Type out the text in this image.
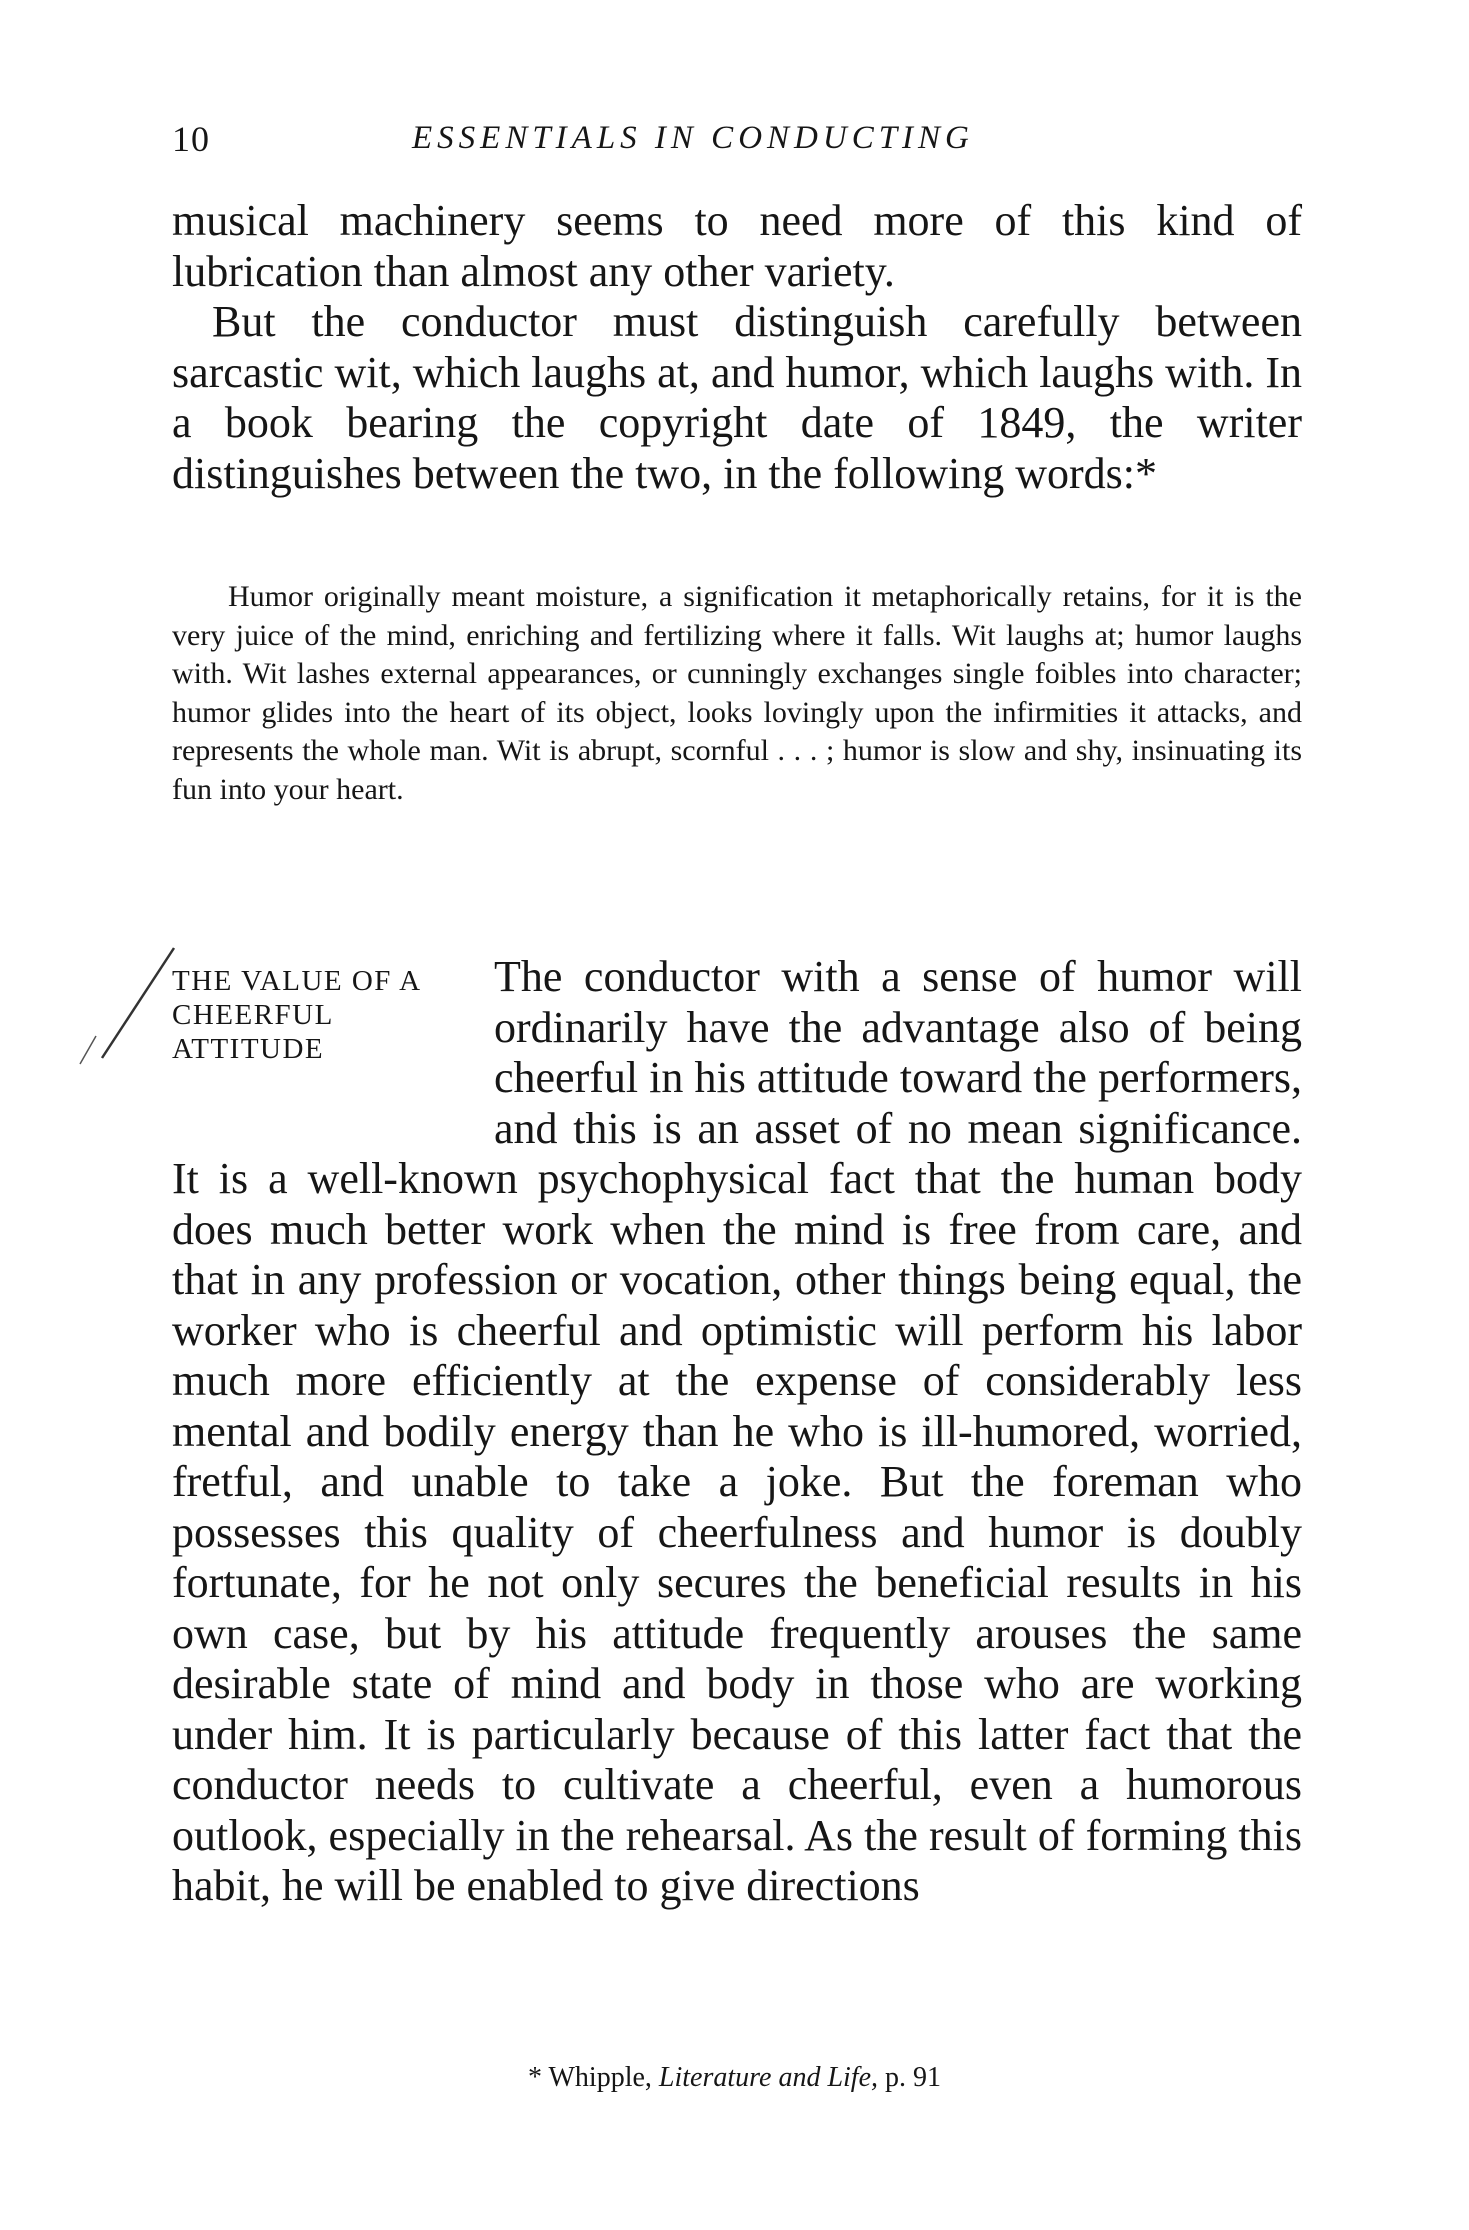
10	ESSENTIALS IN CONDUCTING

musical machinery seems to need more of this kind of lubrication than almost any other variety.

But the conductor must distinguish carefully between sarcastic wit, which laughs at, and humor, which laughs with. In a book bearing the copyright date of 1849, the writer distinguishes between the two, in the following words:*

Humor originally meant moisture, a signification it metaphorically retains, for it is the very juice of the mind, enriching and fertilizing where it falls. Wit laughs at; humor laughs with. Wit lashes external appearances, or cunningly exchanges single foibles into character; humor glides into the heart of its object, looks lovingly upon the infirmities it attacks, and represents the whole man. Wit is abrupt, scornful . . . ; humor is slow and shy, insinuating its fun into your heart.
THE VALUE OF A CHEERFUL ATTITUDE

The conductor with a sense of humor will ordinarily have the advantage also of being cheerful in his attitude toward the performers, and this is an asset of no mean significance. It is a well-known psychophysical fact that the human body does much better work when the mind is free from care, and that in any profession or vocation, other things being equal, the worker who is cheerful and optimistic will perform his labor much more efficiently at the expense of considerably less mental and bodily energy than he who is ill-humored, worried, fretful, and unable to take a joke. But the foreman who possesses this quality of cheerfulness and humor is doubly fortunate, for he not only secures the beneficial results in his own case, but by his attitude frequently arouses the same desirable state of mind and body in those who are working under him. It is particularly because of this latter fact that the conductor needs to cultivate a cheerful, even a humorous outlook, especially in the rehearsal. As the result of forming this habit, he will be enabled to give directions

* Whipple, Literature and Life, p. 91
